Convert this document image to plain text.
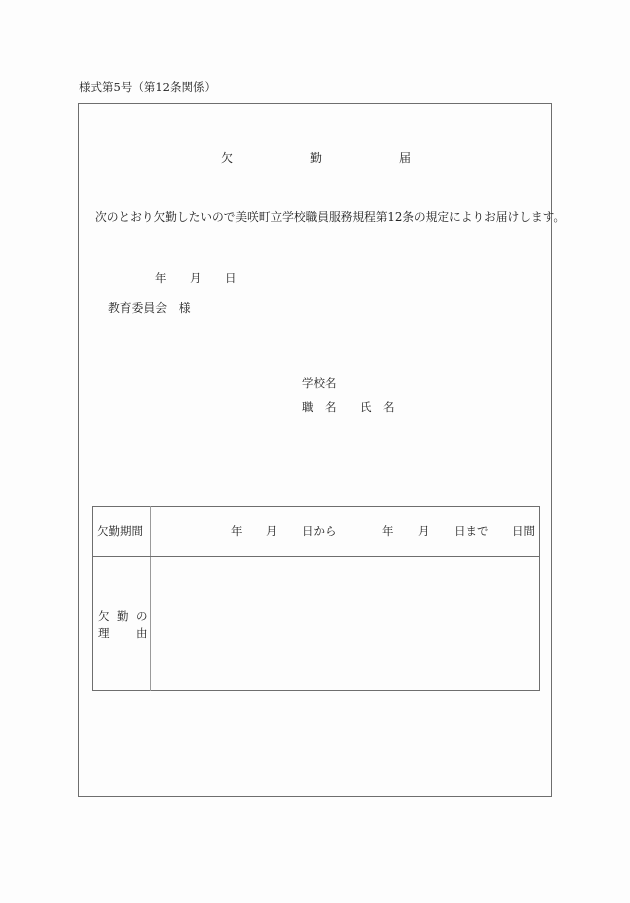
様式第5号（第12条関係）
欠	勤	届
次のとおり欠勤したいので美咲町立学校職員服務規程第12条の規定によりお届けします。
年 月 日
教育委員会　様
学校名
職　名 氏　名
欠勤期間	年 月 日から	年 月 日まで 日間
欠 勤 の
理 由
